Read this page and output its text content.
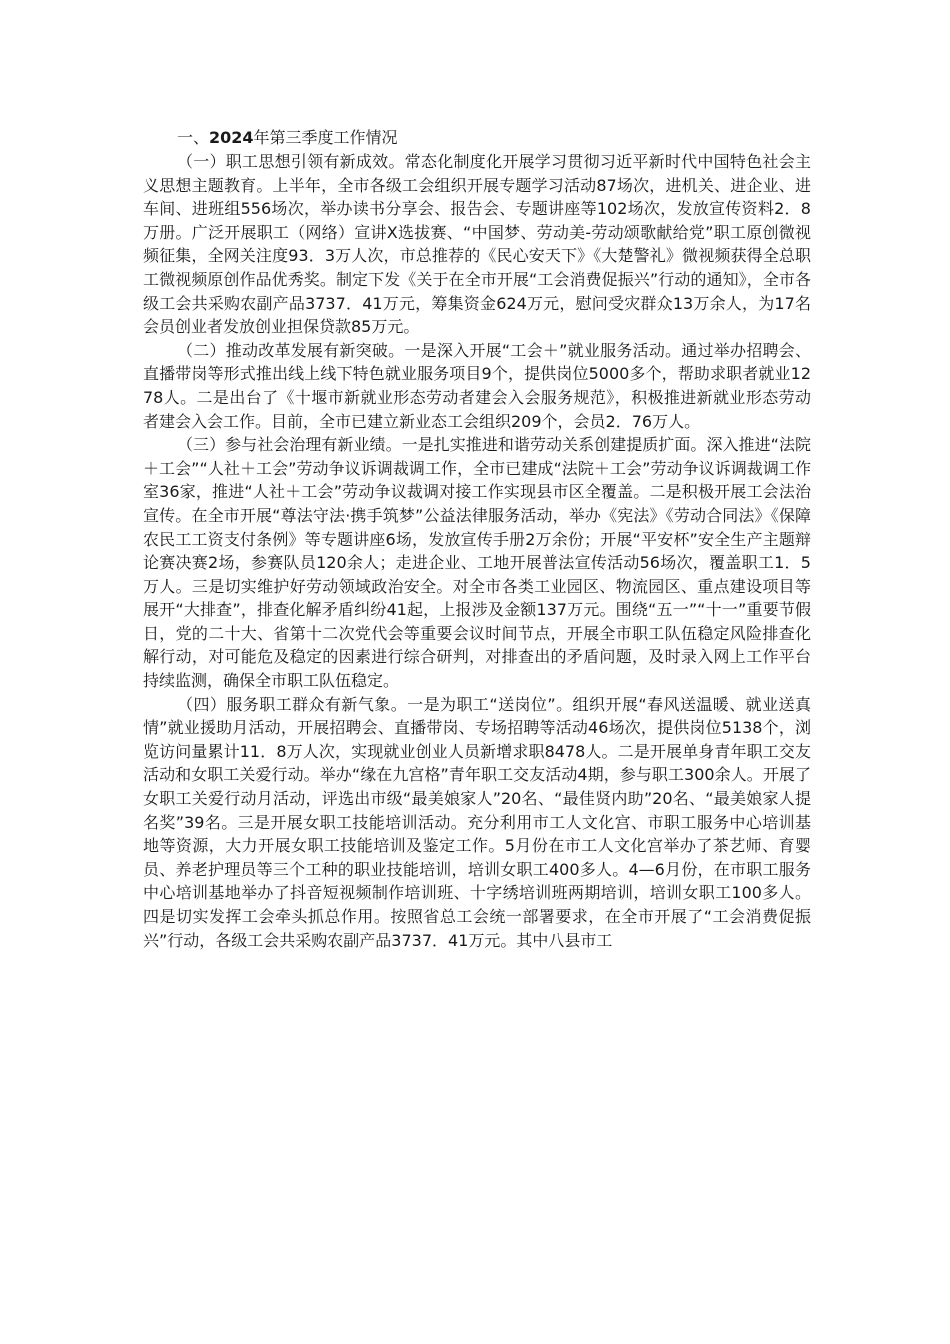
一、2024年第三季度工作情况

（一）职工思想引领有新成效。常态化制度化开展学习贯彻习近平新时代中国特色社会主义思想主题教育。上半年，全市各级工会组织开展专题学习活动87场次，进机关、进企业、进车间、进班组556场次，举办读书分享会、报告会、专题讲座等102场次，发放宣传资料2．8万册。广泛开展职工（网络）宣讲X选拔赛、“中国梦、劳动美-劳动颂歌献给党”职工原创微视频征集，全网关注度93．3万人次，市总推荐的《民心安天下》《大楚警礼》微视频获得全总职工微视频原创作品优秀奖。制定下发《关于在全市开展“工会消费促振兴”行动的通知》，全市各级工会共采购农副产品3737．41万元，筹集资金624万元，慰问受灾群众13万余人，为17名会员创业者发放创业担保贷款85万元。

（二）推动改革发展有新突破。一是深入开展“工会＋”就业服务活动。通过举办招聘会、直播带岗等形式推出线上线下特色就业服务项目9个，提供岗位5000多个，帮助求职者就业1278人。二是出台了《十堰市新就业形态劳动者建会入会服务规范》，积极推进新就业形态劳动者建会入会工作。目前，全市已建立新业态工会组织209个，会员2．76万人。

（三）参与社会治理有新业绩。一是扎实推进和谐劳动关系创建提质扩面。深入推进“法院＋工会”“人社＋工会”劳动争议诉调裁调工作，全市已建成“法院＋工会”劳动争议诉调裁调工作室36家，推进“人社＋工会”劳动争议裁调对接工作实现县市区全覆盖。二是积极开展工会法治宣传。在全市开展“尊法守法·携手筑梦”公益法律服务活动，举办《宪法》《劳动合同法》《保障农民工工资支付条例》等专题讲座6场，发放宣传手册2万余份；开展“平安杯”安全生产主题辩论赛决赛2场，参赛队员120余人；走进企业、工地开展普法宣传活动56场次，覆盖职工1．5万人。三是切实维护好劳动领域政治安全。对全市各类工业园区、物流园区、重点建设项目等展开“大排查”，排查化解矛盾纠纷41起，上报涉及金额137万元。围绕“五一”“十一”重要节假日，党的二十大、省第十二次党代会等重要会议时间节点，开展全市职工队伍稳定风险排查化解行动，对可能危及稳定的因素进行综合研判，对排查出的矛盾问题，及时录入网上工作平台持续监测，确保全市职工队伍稳定。

（四）服务职工群众有新气象。一是为职工“送岗位”。组织开展“春风送温暖、就业送真情”就业援助月活动，开展招聘会、直播带岗、专场招聘等活动46场次，提供岗位5138个，浏览访问量累计11．8万人次，实现就业创业人员新增求职8478人。二是开展单身青年职工交友活动和女职工关爱行动。举办“缘在九宫格”青年职工交友活动4期，参与职工300余人。开展了女职工关爱行动月活动，评选出市级“最美娘家人”20名、“最佳贤内助”20名、“最美娘家人提名奖”39名。三是开展女职工技能培训活动。充分利用市工人文化宫、市职工服务中心培训基地等资源，大力开展女职工技能培训及鉴定工作。5月份在市工人文化宫举办了茶艺师、育婴员、养老护理员等三个工种的职业技能培训，培训女职工400多人。4—6月份，在市职工服务中心培训基地举办了抖音短视频制作培训班、十字绣培训班两期培训，培训女职工100多人。四是切实发挥工会牵头抓总作用。按照省总工会统一部署要求，在全市开展了“工会消费促振兴”行动，各级工会共采购农副产品3737．41万元。其中八县市工
